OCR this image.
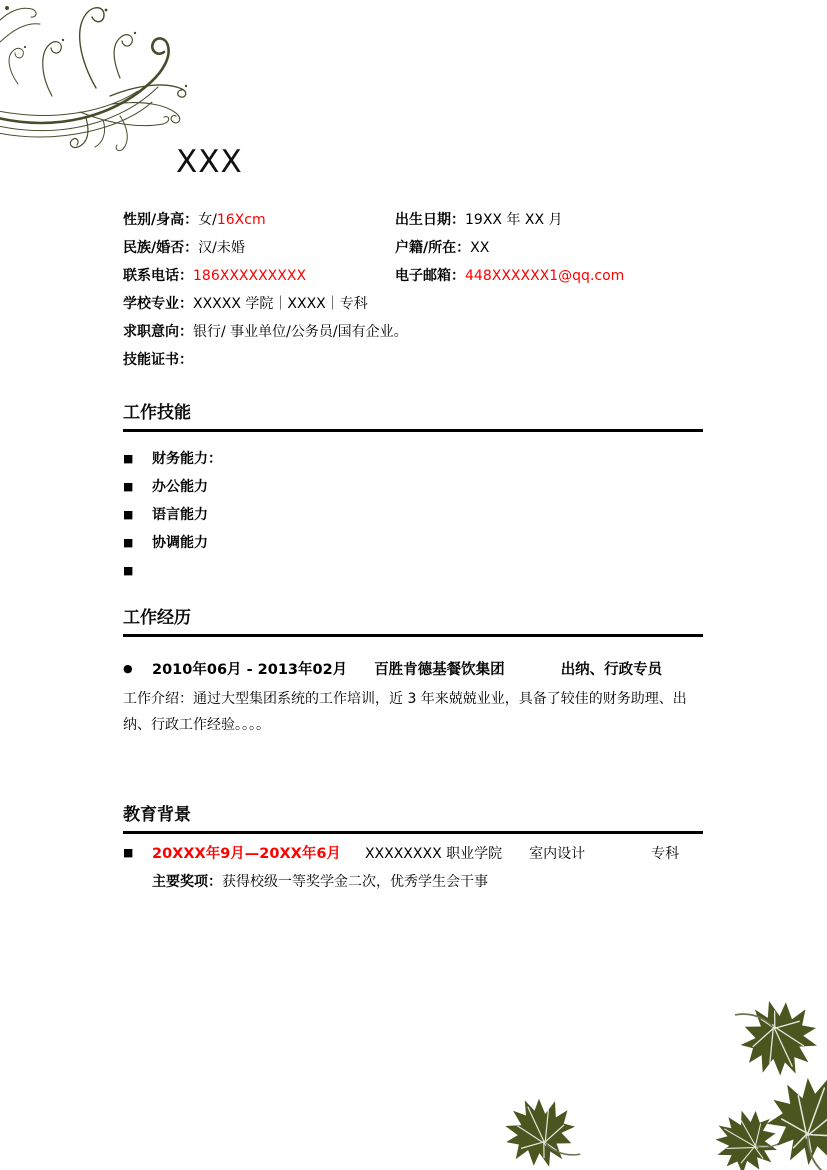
XXX
性别/身高：女/16Xcm	出生日期：19XX 年 XX 月
民族/婚否：汉/未婚	户籍/所在：XX
联系电话：186XXXXXXXXX	电子邮箱：448XXXXXX1@qq.com
学校专业：XXXXX 学院｜XXXX｜专科
求职意向：银行/ 事业单位/公务员/国有企业。
技能证书：
工作技能
■	财务能力：
■	办公能力
■	语言能力
■	协调能力
■
工作经历
●	2010年06月 - 2013年02月 百胜肯德基餐饮集团	出纳、行政专员
工作介绍：通过大型集团系统的工作培训，近 3 年来兢兢业业，具备了较佳的财务助理、出纳、行政工作经验。。。。
教育背景
■	20XXX年9月—20XX年6月 XXXXXXXX 职业学院 室内设计	专科
主要奖项：获得校级一等奖学金二次，优秀学生会干事
